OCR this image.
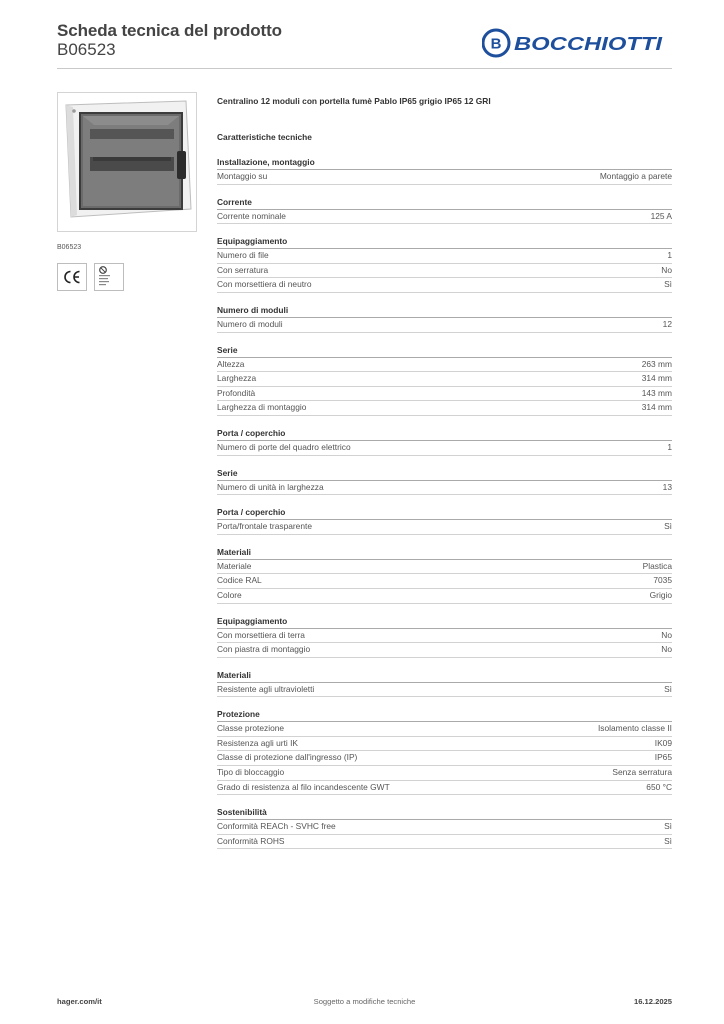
Scheda tecnica del prodotto
B06523	B BOCCHIOTTI
B06523
Centralino 12 moduli con portella fumè Pablo IP65 grigio IP65 12 GRI
Caratteristiche tecniche
Installazione, montaggio
Montaggio su	Montaggio a parete
Corrente
Corrente nominale	125 A
Equipaggiamento
Numero di file	1
Con serratura	No
Con morsettiera di neutro	Sì
Numero di moduli
Numero di moduli	12
Serie
Altezza	263 mm
Larghezza	314 mm
Profondità	143 mm
Larghezza di montaggio	314 mm
Porta / coperchio
Numero di porte del quadro elettrico	1
Serie
Numero di unità in larghezza	13
Porta / coperchio
Porta/frontale trasparente	Sì
Materiali
Materiale	Plastica
Codice RAL	7035
Colore	Grigio
Equipaggiamento
Con morsettiera di terra	No
Con piastra di montaggio	No
Materiali
Resistente agli ultravioletti	Sì
Protezione
Classe protezione	Isolamento classe II
Resistenza agli urti IK	IK09
Classe di protezione dall'ingresso (IP)	IP65
Tipo di bloccaggio	Senza serratura
Grado di resistenza al filo incandescente GWT	650 °C
Sostenibilità
Conformità REACh - SVHC free	Sì
Conformità ROHS	Sì
hager.com/it	Soggetto a modifiche tecniche	16.12.2025
